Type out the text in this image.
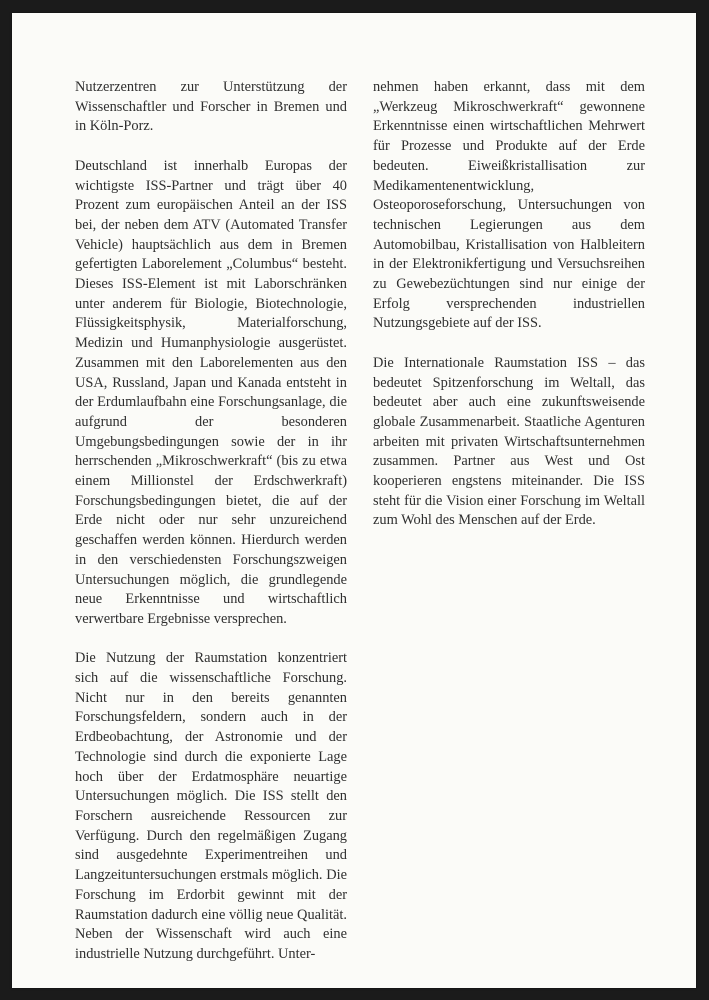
Nutzerzentren zur Unterstützung der Wissenschaftler und Forscher in Bremen und in Köln-Porz.

Deutschland ist innerhalb Europas der wichtigste ISS-Partner und trägt über 40 Prozent zum europäischen Anteil an der ISS bei, der neben dem ATV (Automated Transfer Vehicle) hauptsächlich aus dem in Bremen gefertigten Laborelement „Columbus“ besteht. Dieses ISS-Element ist mit Laborschränken unter anderem für Biologie, Biotechnologie, Flüssigkeitsphysik, Materialforschung, Medizin und Humanphysiologie ausgerüstet. Zusammen mit den Laborelementen aus den USA, Russland, Japan und Kanada entsteht in der Erdumlaufbahn eine Forschungsanlage, die aufgrund der besonderen Umgebungsbedingungen sowie der in ihr herrschenden „Mikroschwerkraft“ (bis zu etwa einem Millionstel der Erdschwerkraft) Forschungsbedingungen bietet, die auf der Erde nicht oder nur sehr unzureichend geschaffen werden können. Hierdurch werden in den verschiedensten Forschungszweigen Untersuchungen möglich, die grundlegende neue Erkenntnisse und wirtschaftlich verwertbare Ergebnisse versprechen.

Die Nutzung der Raumstation konzentriert sich auf die wissenschaftliche Forschung. Nicht nur in den bereits genannten Forschungsfeldern, sondern auch in der Erdbeobachtung, der Astronomie und der Technologie sind durch die exponierte Lage hoch über der Erdatmosphäre neuartige Untersuchungen möglich. Die ISS stellt den Forschern ausreichende Ressourcen zur Verfügung. Durch den regelmäßigen Zugang sind ausgedehnte Experimentreihen und Langzeituntersuchungen erstmals möglich. Die Forschung im Erdorbit gewinnt mit der Raumstation dadurch eine völlig neue Qualität. Neben der Wissenschaft wird auch eine industrielle Nutzung durchgeführt. Unter-

nehmen haben erkannt, dass mit dem „Werkzeug Mikroschwerkraft“ gewonnene Erkenntnisse einen wirtschaftlichen Mehrwert für Prozesse und Produkte auf der Erde bedeuten. Eiweißkristallisation zur Medikamentenentwicklung, Osteoporoseforschung, Untersuchungen von technischen Legierungen aus dem Automobilbau, Kristallisation von Halbleitern in der Elektronikfertigung und Versuchsreihen zu Gewebezüchtungen sind nur einige der Erfolg versprechenden industriellen Nutzungsgebiete auf der ISS.

Die Internationale Raumstation ISS – das bedeutet Spitzenforschung im Weltall, das bedeutet aber auch eine zukunftsweisende globale Zusammenarbeit. Staatliche Agenturen arbeiten mit privaten Wirtschaftsunternehmen zusammen. Partner aus West und Ost kooperieren engstens miteinander. Die ISS steht für die Vision einer Forschung im Weltall zum Wohl des Menschen auf der Erde.
